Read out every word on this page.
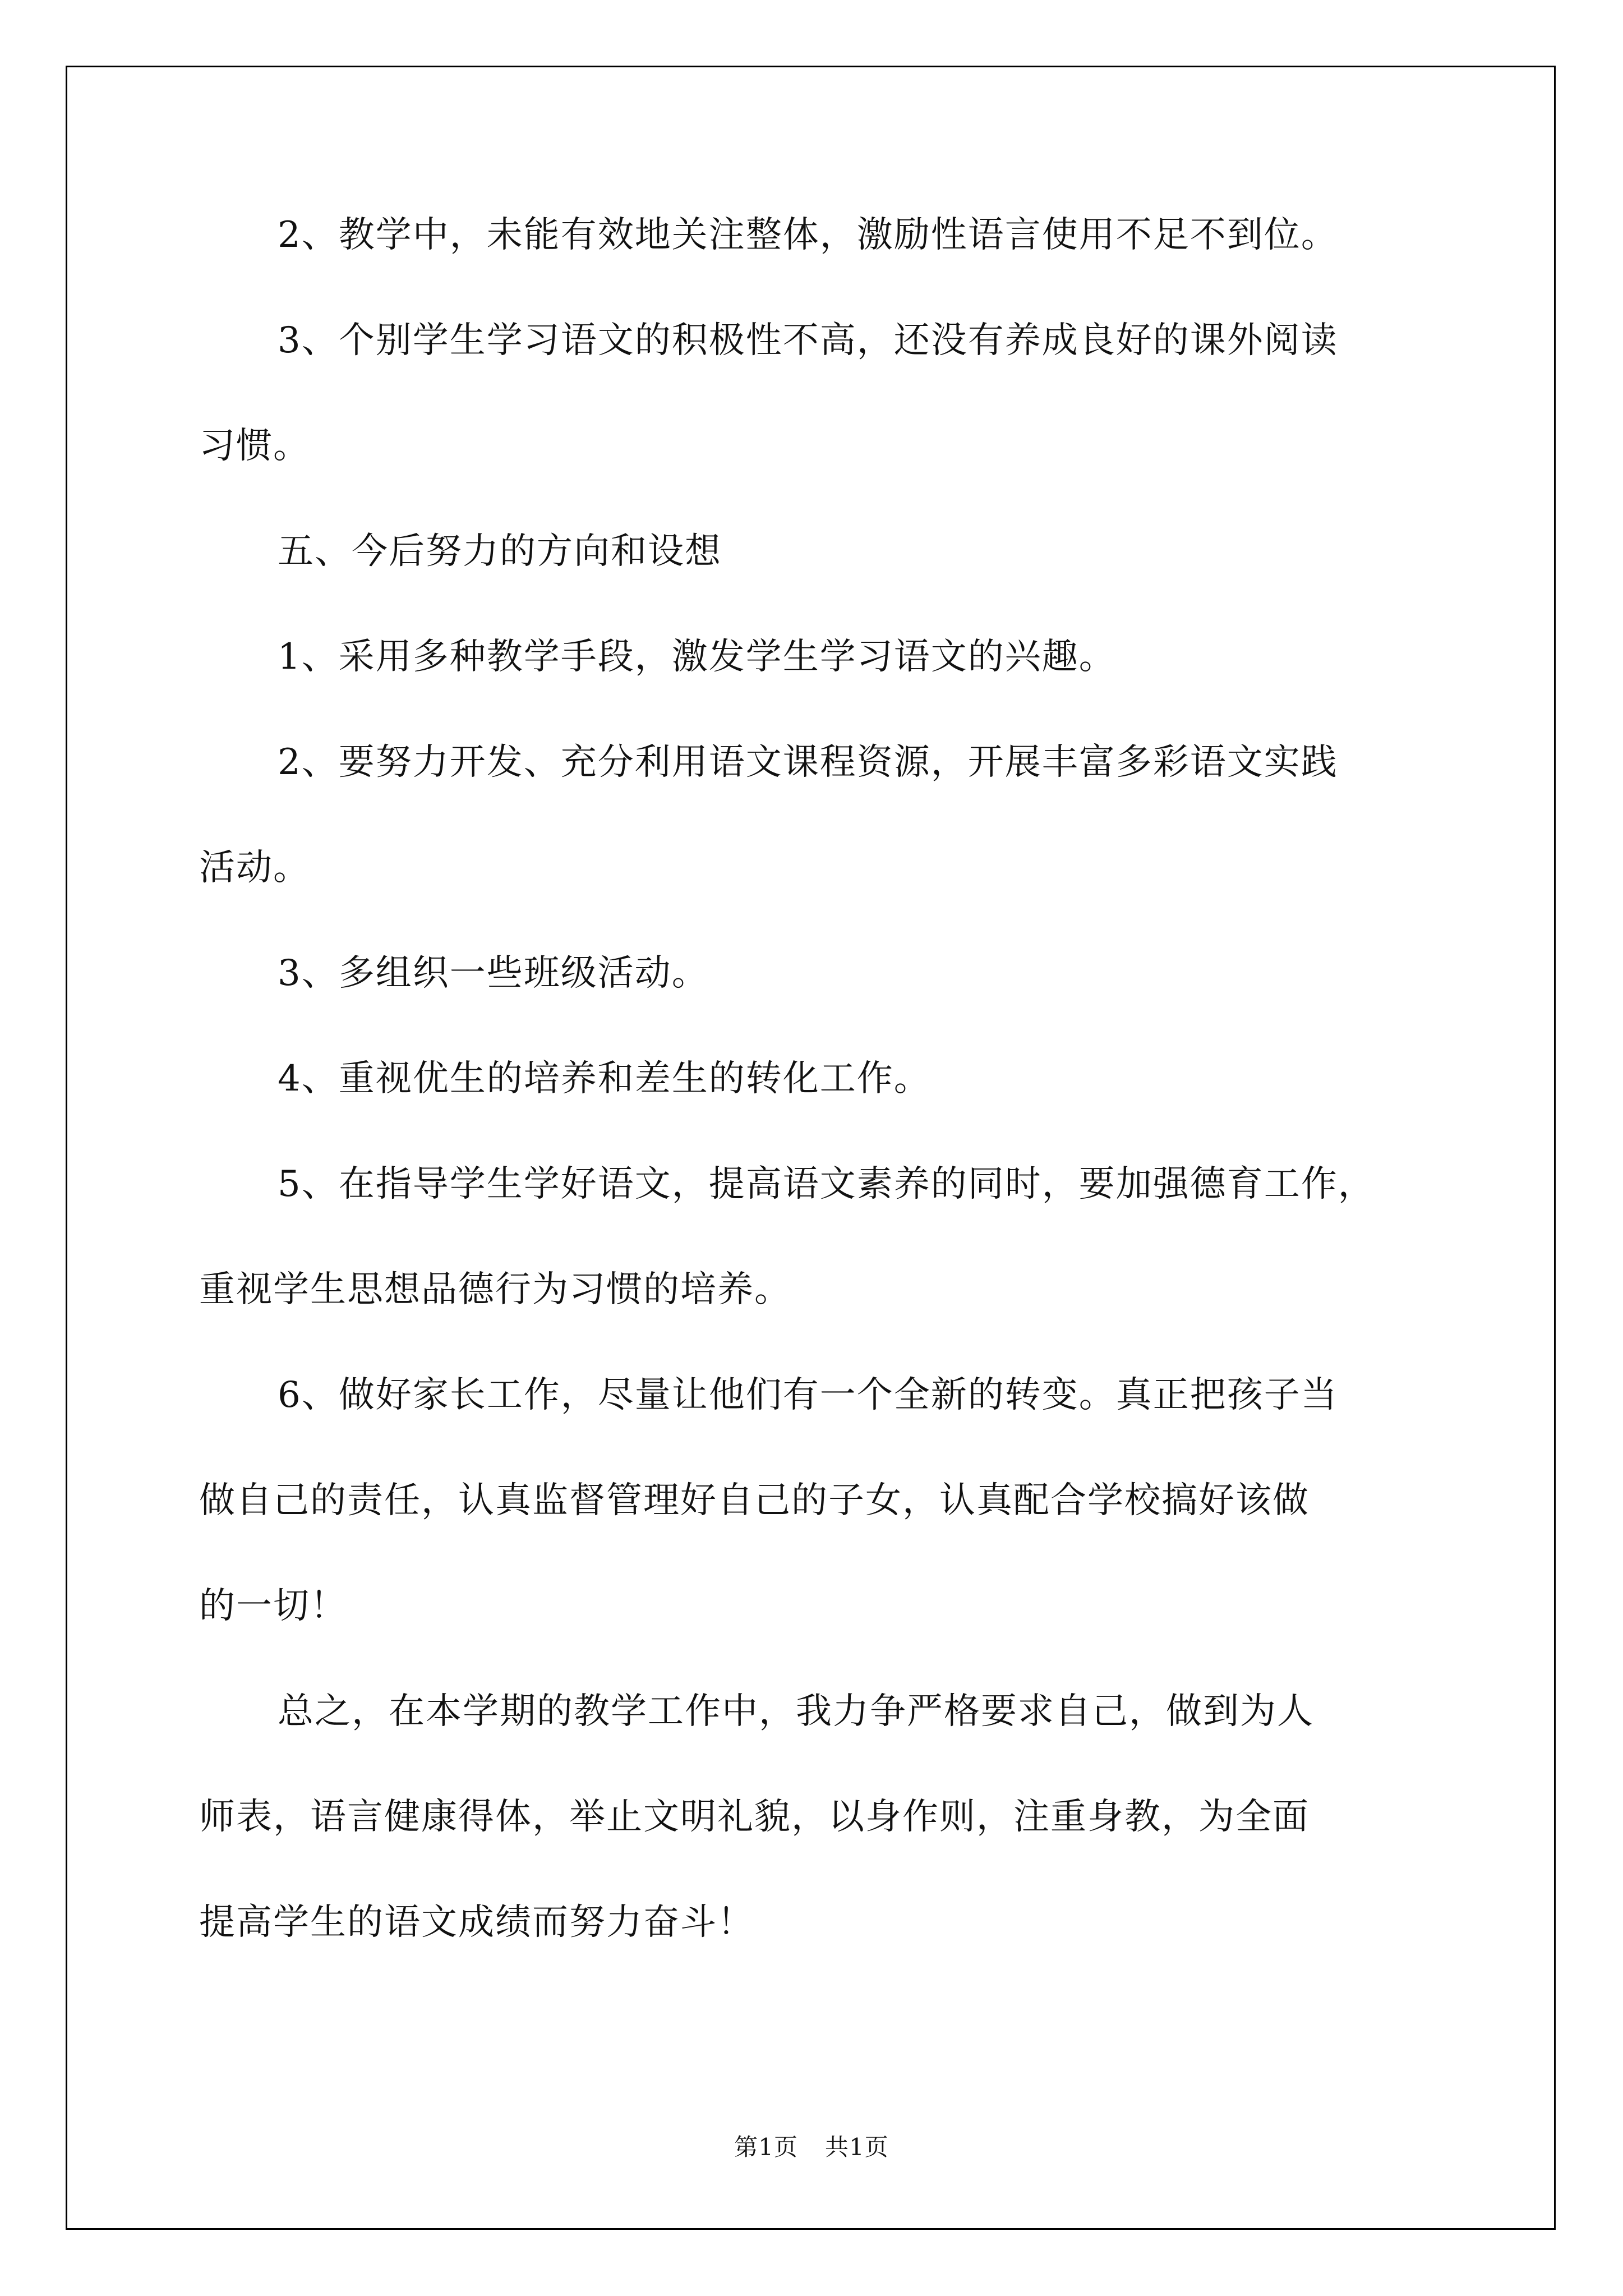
2、教学中，未能有效地关注整体，激励性语言使用不足不到位。

3、个别学生学习语文的积极性不高，还没有养成良好的课外阅读

习惯。

五、今后努力的方向和设想

1、采用多种教学手段，激发学生学习语文的兴趣。

2、要努力开发、充分利用语文课程资源，开展丰富多彩语文实践

活动。

3、多组织一些班级活动。

4、重视优生的培养和差生的转化工作。

5、在指导学生学好语文，提高语文素养的同时，要加强德育工作，

重视学生思想品德行为习惯的培养。

6、做好家长工作，尽量让他们有一个全新的转变。真正把孩子当

做自己的责任，认真监督管理好自己的子女，认真配合学校搞好该做

的一切！

总之，在本学期的教学工作中，我力争严格要求自己，做到为人

师表，语言健康得体，举止文明礼貌，以身作则，注重身教，为全面

提高学生的语文成绩而努力奋斗！

第1页 共1页
